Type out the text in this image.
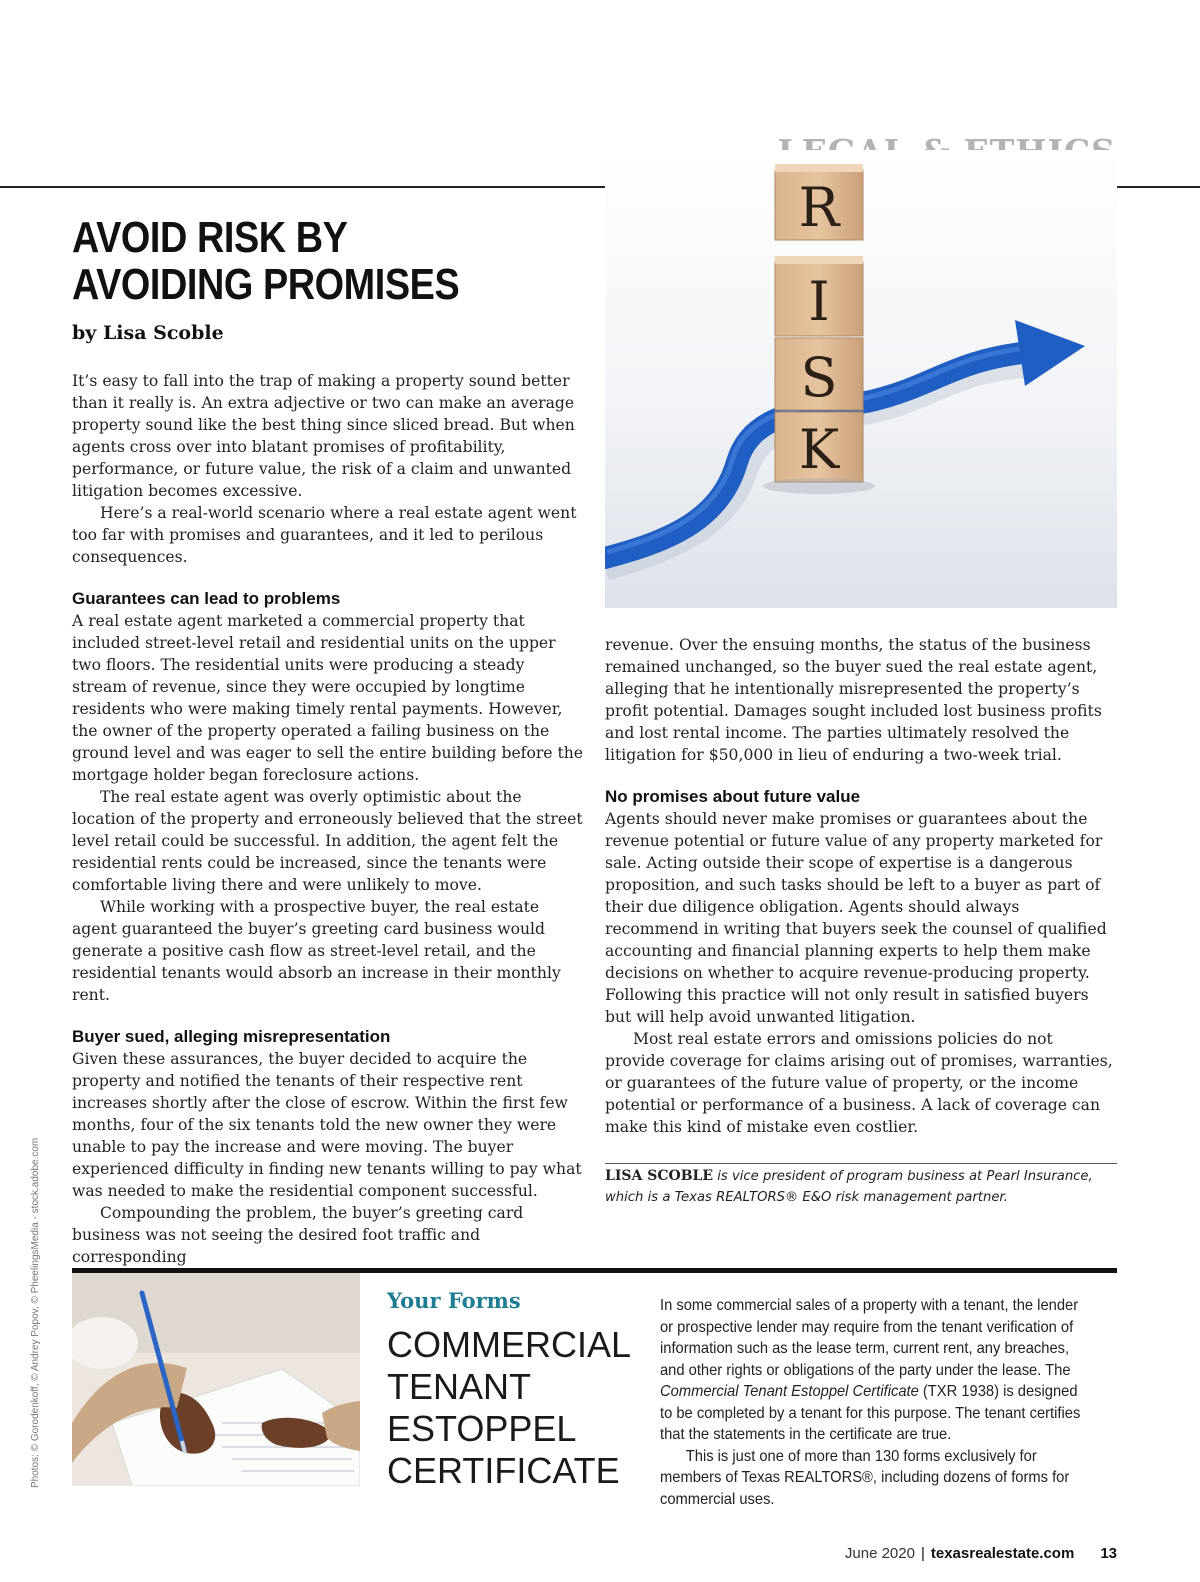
AVOID RISK BY
AVOIDING PROMISES
by Lisa Scoble
R
I
S
K

It’s easy to fall into the trap of making a property sound better than it really is. An extra adjective or two can make an average property sound like the best thing since sliced bread. But when agents cross over into blatant promises of profitability, performance, or future value, the risk of a claim and unwanted litigation becomes excessive.

Here’s a real-world scenario where a real estate agent went too far with promises and guarantees, and it led to perilous consequences.

Guarantees can lead to problems

A real estate agent marketed a commercial property that included street-level retail and residential units on the upper two floors. The residential units were producing a steady stream of revenue, since they were occupied by longtime residents who were making timely rental payments. However, the owner of the property operated a failing business on the ground level and was eager to sell the entire building before the mortgage holder began foreclosure actions.

The real estate agent was overly optimistic about the location of the property and erroneously believed that the street level retail could be successful. In addition, the agent felt the residential rents could be increased, since the tenants were comfortable living there and were unlikely to move.

While working with a prospective buyer, the real estate agent guaranteed the buyer’s greeting card business would generate a positive cash flow as street-level retail, and the residential tenants would absorb an increase in their monthly rent.

Buyer sued, alleging misrepresentation

Given these assurances, the buyer decided to acquire the property and notified the tenants of their respective rent increases shortly after the close of escrow. Within the first few months, four of the six tenants told the new owner they were unable to pay the increase and were moving. The buyer experienced difficulty in finding new tenants willing to pay what was needed to make the residential component successful.

Compounding the problem, the buyer’s greeting card business was not seeing the desired foot traffic and corresponding

revenue. Over the ensuing months, the status of the business remained unchanged, so the buyer sued the real estate agent, alleging that he intentionally misrepresented the property’s profit potential. Damages sought included lost business profits and lost rental income. The parties ultimately resolved the litigation for $50,000 in lieu of enduring a two-week trial.

No promises about future value

Agents should never make promises or guarantees about the revenue potential or future value of any property marketed for sale. Acting outside their scope of expertise is a dangerous proposition, and such tasks should be left to a buyer as part of their due diligence obligation. Agents should always recommend in writing that buyers seek the counsel of qualified accounting and financial planning experts to help them make decisions on whether to acquire revenue-producing property. Following this practice will not only result in satisfied buyers but will help avoid unwanted litigation.

Most real estate errors and omissions policies do not provide coverage for claims arising out of promises, warranties, or guarantees of the future value of property, or the income potential or performance of a business. A lack of coverage can make this kind of mistake even costlier.

LISA SCOBLE is vice president of program business at Pearl Insurance,
which is a Texas REALTORS® E&O risk management partner.
Photos: © Gorodenkoff, © Andrey Popov, © PheelingsMedia - stock.adobe.com	Your Forms
COMMERCIAL
TENANT
ESTOPPEL
CERTIFICATE

In some commercial sales of a property with a tenant, the lender or prospective lender may require from the tenant verification of information such as the lease term, current rent, any breaches, and other rights or obligations of the party under the lease. The Commercial Tenant Estoppel Certificate (TXR 1938) is designed to be completed by a tenant for this purpose. The tenant certifies that the statements in the certificate are true.

This is just one of more than 130 forms exclusively for members of Texas REALTORS®, including dozens of forms for commercial uses.

June 2020 | texasrealestate.com 13
